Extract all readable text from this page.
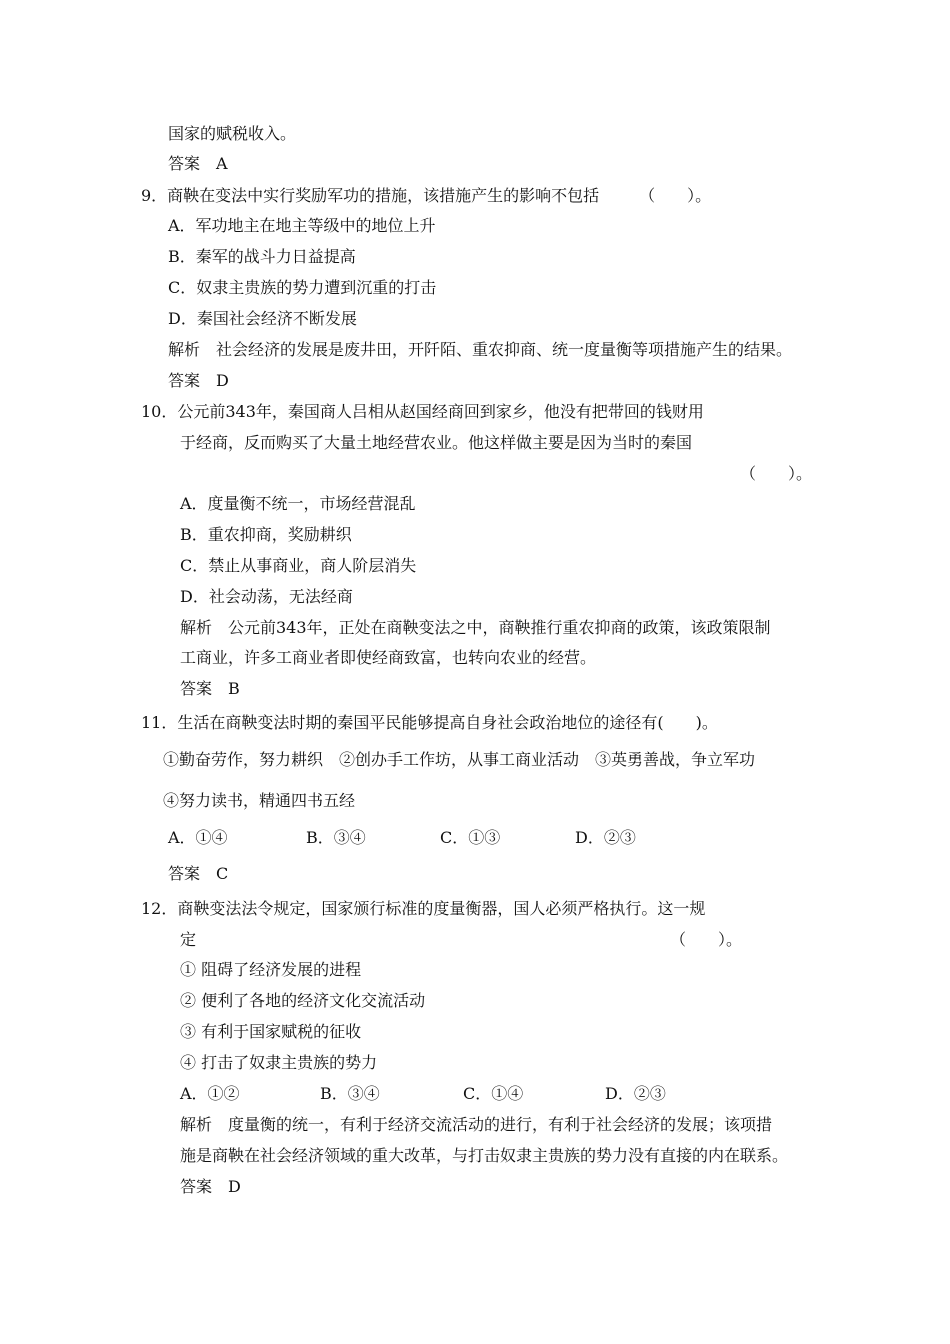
国家的赋税收入。
答案　A
9．商鞅在变法中实行奖励军功的措施，该措施产生的影响不包括　　　（　　）。
A．军功地主在地主等级中的地位上升
B．秦军的战斗力日益提高
C．奴隶主贵族的势力遭到沉重的打击
D．秦国社会经济不断发展
解析　社会经济的发展是废井田，开阡陌、重农抑商、统一度量衡等项措施产生的结果。
答案　D
10．公元前343年，秦国商人吕相从赵国经商回到家乡，他没有把带回的钱财用
于经商，反而购买了大量土地经营农业。他这样做主要是因为当时的秦国
（　　）。
A．度量衡不统一，市场经营混乱
B．重农抑商，奖励耕织
C．禁止从事商业，商人阶层消失
D．社会动荡，无法经商
解析　公元前343年，正处在商鞅变法之中，商鞅推行重农抑商的政策，该政策限制
工商业，许多工商业者即使经商致富，也转向农业的经营。
答案　B
11．生活在商鞅变法时期的秦国平民能够提高自身社会政治地位的途径有(　　)。
①勤奋劳作，努力耕织　②创办手工作坊，从事工商业活动　③英勇善战，争立军功
④努力读书，精通四书五经
A．①④	B．③④	C．①③	D．②③
答案　C
12．商鞅变法法令规定，国家颁行标准的度量衡器，国人必须严格执行。这一规
定	（　　）。
① 阻碍了经济发展的进程
② 便利了各地的经济文化交流活动
③ 有利于国家赋税的征收
④ 打击了奴隶主贵族的势力
A．①②	B．③④	C．①④	D．②③
解析　度量衡的统一，有利于经济交流活动的进行，有利于社会经济的发展；该项措
施是商鞅在社会经济领域的重大改革，与打击奴隶主贵族的势力没有直接的内在联系。
答案　D
